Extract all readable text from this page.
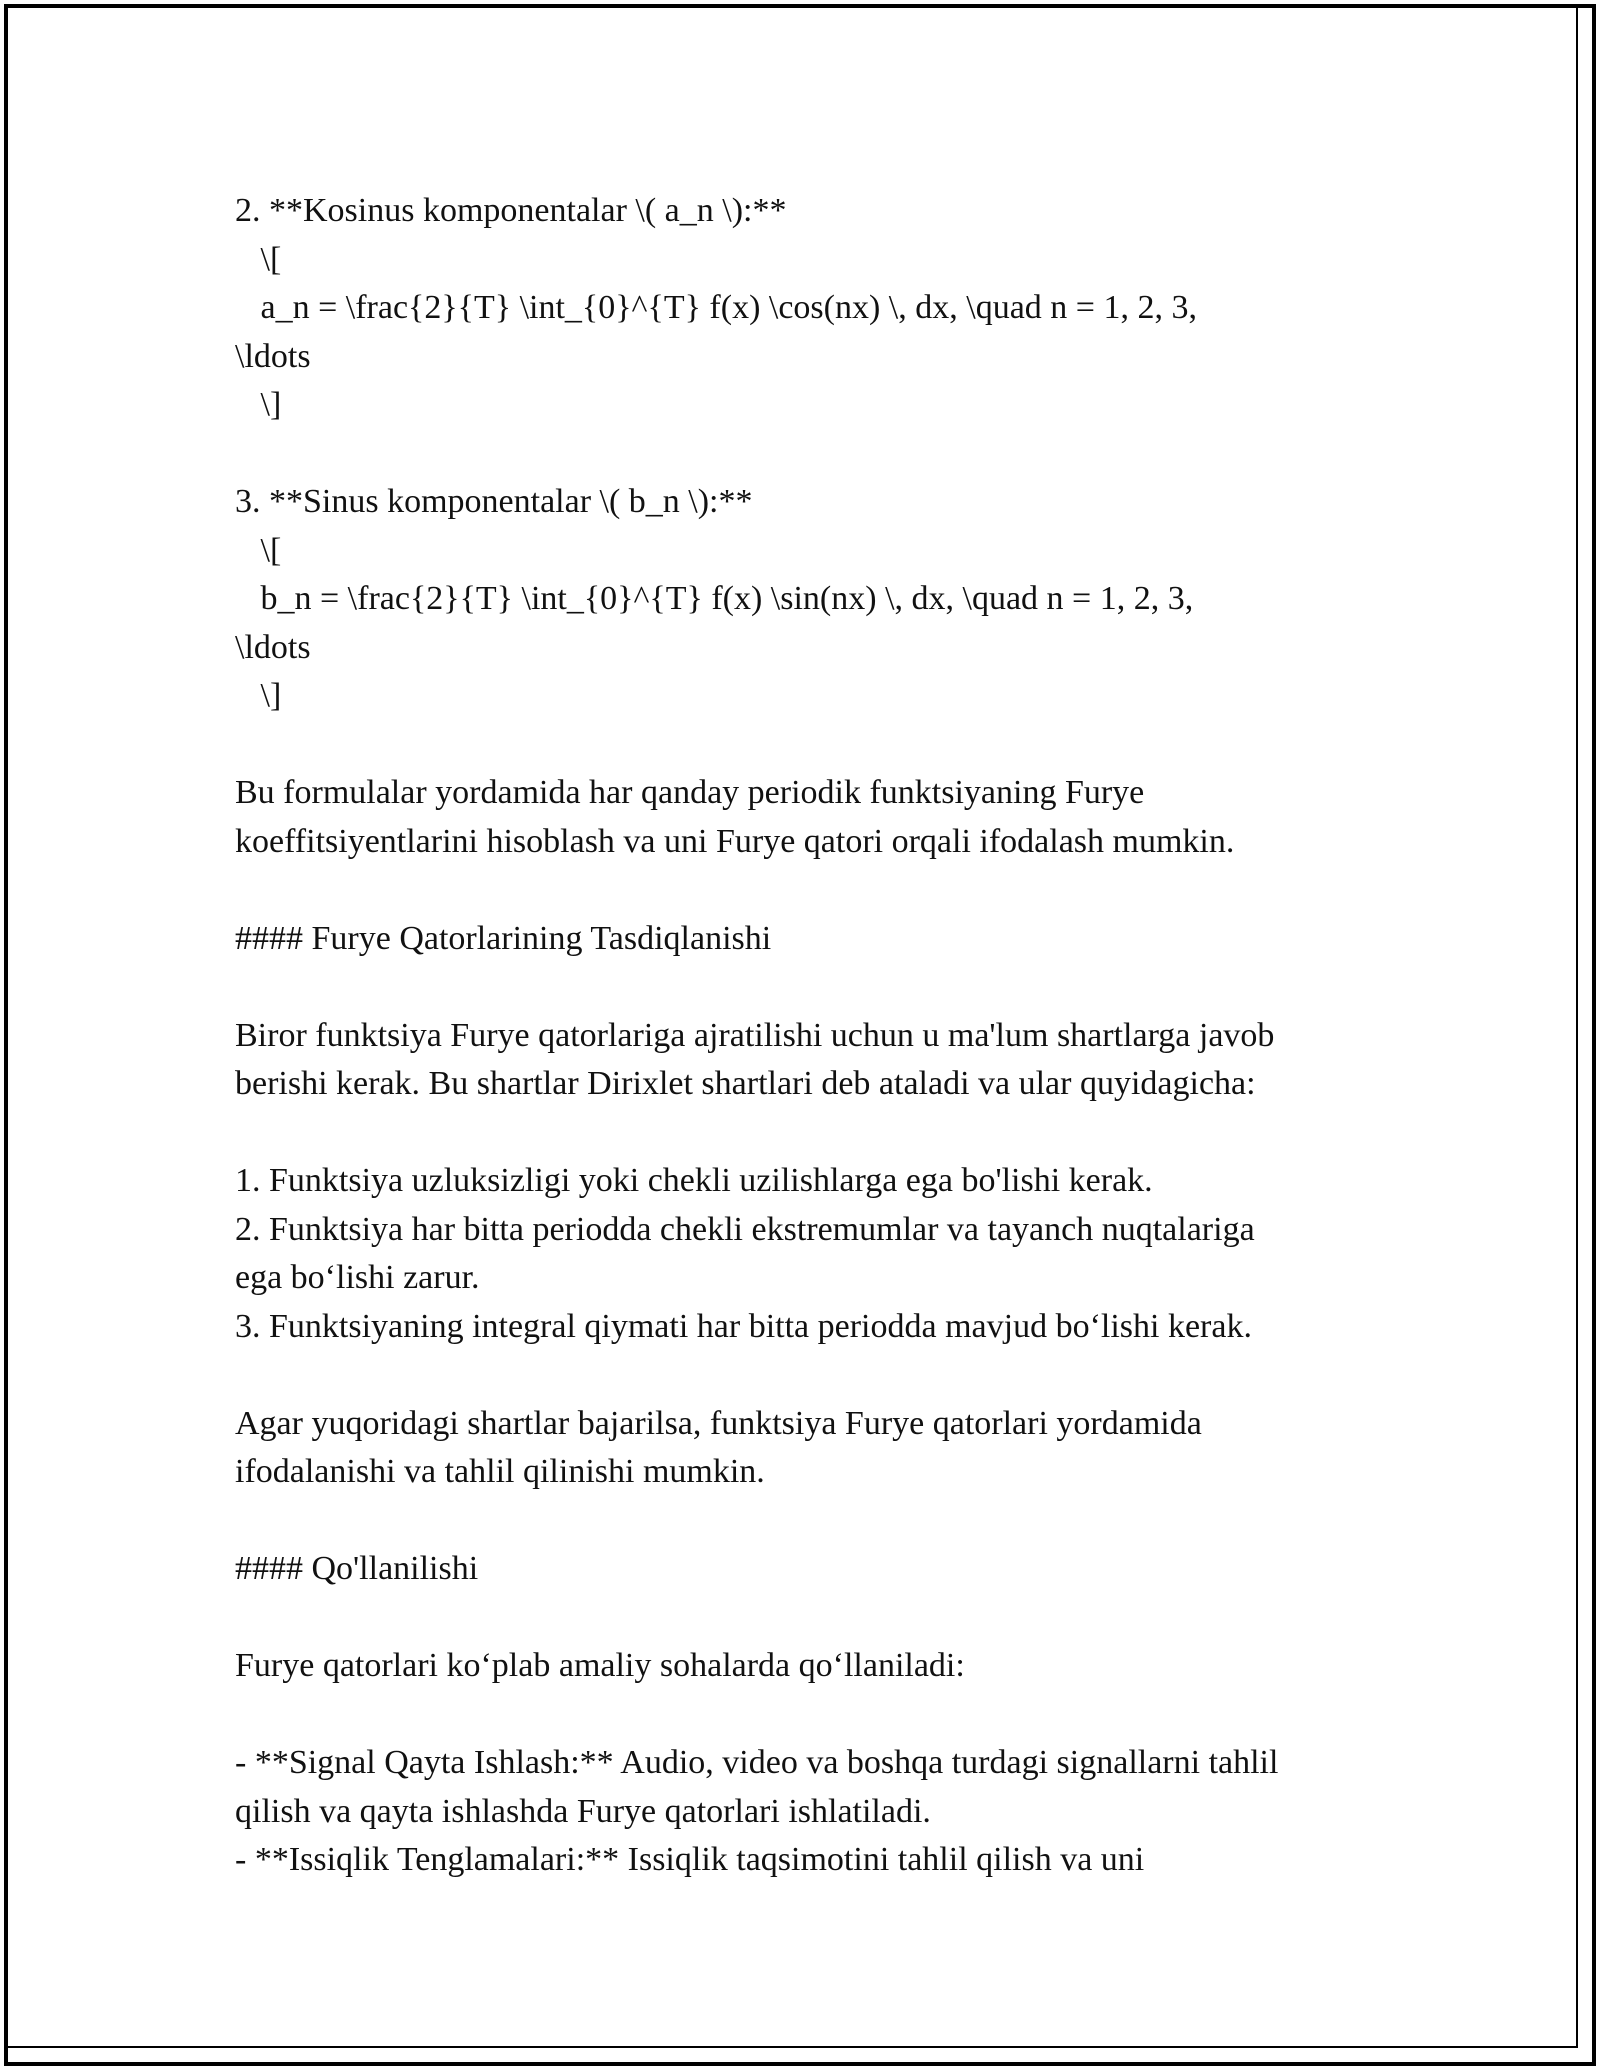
2. **Kosinus komponentalar \( a_n \):**
\[
a_n = \frac{2}{T} \int_{0}^{T} f(x) \cos(nx) \, dx, \quad n = 1, 2, 3,
\ldots
\]
3. **Sinus komponentalar \( b_n \):**
\[
b_n = \frac{2}{T} \int_{0}^{T} f(x) \sin(nx) \, dx, \quad n = 1, 2, 3,
\ldots
\]
Bu formulalar yordamida har qanday periodik funktsiyaning Furye
koeffitsiyentlarini hisoblash va uni Furye qatori orqali ifodalash mumkin.
#### Furye Qatorlarining Tasdiqlanishi
Biror funktsiya Furye qatorlariga ajratilishi uchun u ma'lum shartlarga javob
berishi kerak. Bu shartlar Dirixlet shartlari deb ataladi va ular quyidagicha:
1. Funktsiya uzluksizligi yoki chekli uzilishlarga ega bo'lishi kerak.
2. Funktsiya har bitta periodda chekli ekstremumlar va tayanch nuqtalariga
ega bo‘lishi zarur.
3. Funktsiyaning integral qiymati har bitta periodda mavjud bo‘lishi kerak.
Agar yuqoridagi shartlar bajarilsa, funktsiya Furye qatorlari yordamida
ifodalanishi va tahlil qilinishi mumkin.
#### Qo'llanilishi
Furye qatorlari ko‘plab amaliy sohalarda qo‘llaniladi:
- **Signal Qayta Ishlash:** Audio, video va boshqa turdagi signallarni tahlil
qilish va qayta ishlashda Furye qatorlari ishlatiladi.
- **Issiqlik Tenglamalari:** Issiqlik taqsimotini tahlil qilish va uni
